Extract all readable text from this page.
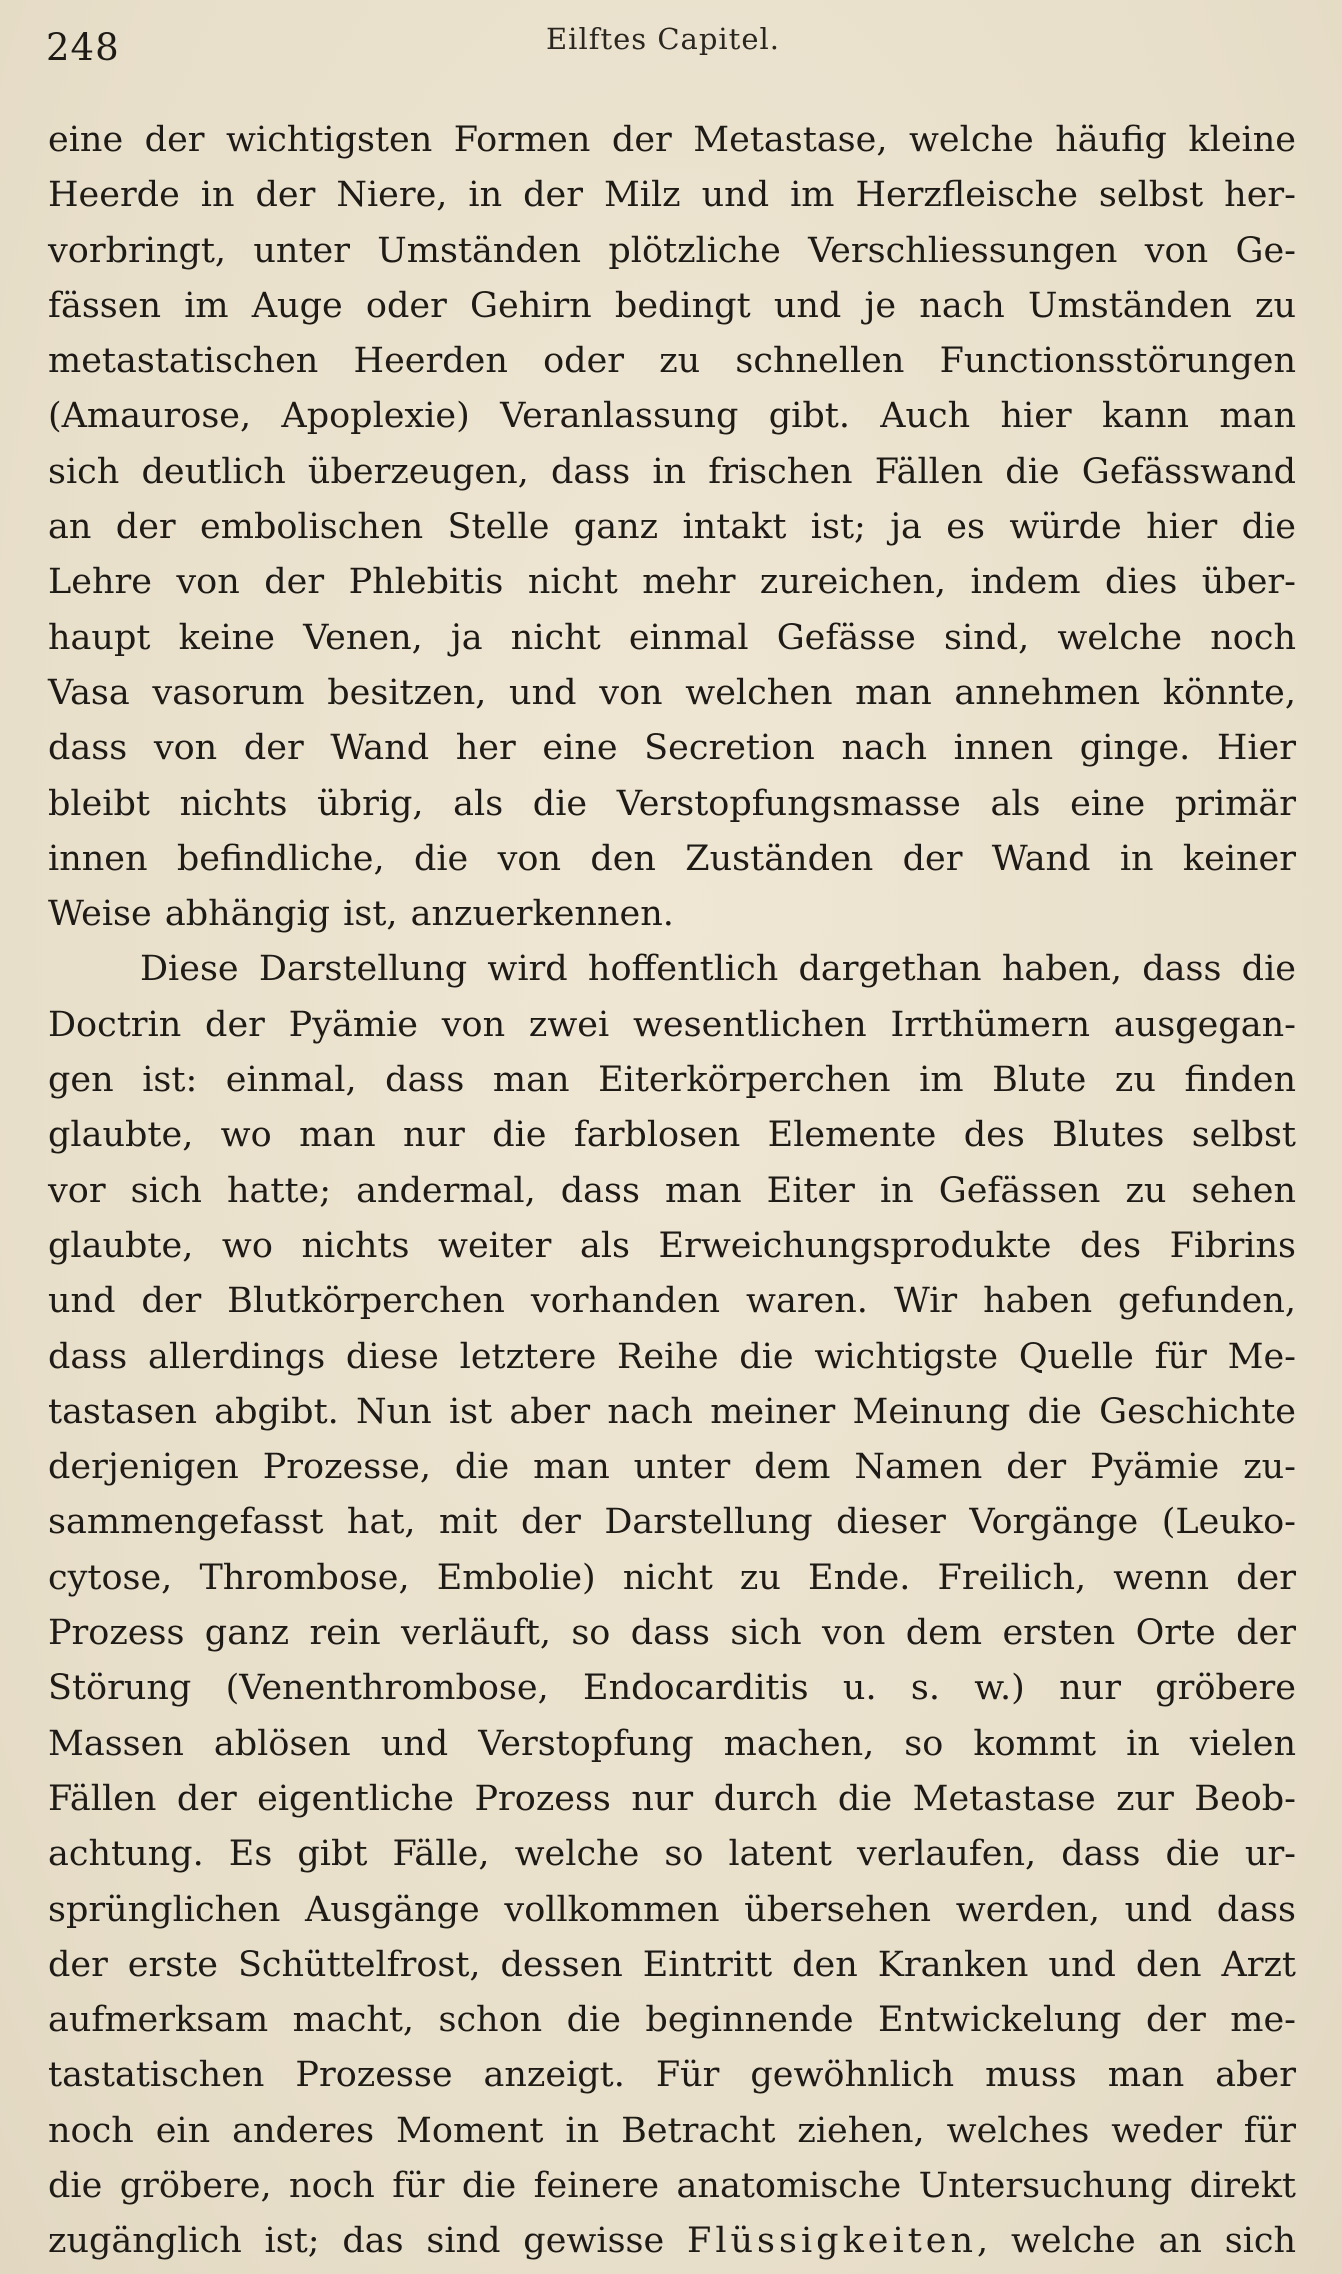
248	Eilftes Capitel.
eine der wichtigsten Formen der Metastase, welche häufig kleine
Heerde in der Niere, in der Milz und im Herzfleische selbst her-
vorbringt, unter Umständen plötzliche Verschliessungen von Ge-
fässen im Auge oder Gehirn bedingt und je nach Umständen zu
metastatischen Heerden oder zu schnellen Functionsstörungen
(Amaurose, Apoplexie) Veranlassung gibt. Auch hier kann man
sich deutlich überzeugen, dass in frischen Fällen die Gefässwand
an der embolischen Stelle ganz intakt ist; ja es würde hier die
Lehre von der Phlebitis nicht mehr zureichen, indem dies über-
haupt keine Venen, ja nicht einmal Gefässe sind, welche noch
Vasa vasorum besitzen, und von welchen man annehmen könnte,
dass von der Wand her eine Secretion nach innen ginge. Hier
bleibt nichts übrig, als die Verstopfungsmasse als eine primär
innen befindliche, die von den Zuständen der Wand in keiner
Weise abhängig ist, anzuerkennen.
Diese Darstellung wird hoffentlich dargethan haben, dass die
Doctrin der Pyämie von zwei wesentlichen Irrthümern ausgegan-
gen ist: einmal, dass man Eiterkörperchen im Blute zu finden
glaubte, wo man nur die farblosen Elemente des Blutes selbst
vor sich hatte; andermal, dass man Eiter in Gefässen zu sehen
glaubte, wo nichts weiter als Erweichungsprodukte des Fibrins
und der Blutkörperchen vorhanden waren. Wir haben gefunden,
dass allerdings diese letztere Reihe die wichtigste Quelle für Me-
tastasen abgibt. Nun ist aber nach meiner Meinung die Geschichte
derjenigen Prozesse, die man unter dem Namen der Pyämie zu-
sammengefasst hat, mit der Darstellung dieser Vorgänge (Leuko-
cytose, Thrombose, Embolie) nicht zu Ende. Freilich, wenn der
Prozess ganz rein verläuft, so dass sich von dem ersten Orte der
Störung (Venenthrombose, Endocarditis u. s. w.) nur gröbere
Massen ablösen und Verstopfung machen, so kommt in vielen
Fällen der eigentliche Prozess nur durch die Metastase zur Beob-
achtung. Es gibt Fälle, welche so latent verlaufen, dass die ur-
sprünglichen Ausgänge vollkommen übersehen werden, und dass
der erste Schüttelfrost, dessen Eintritt den Kranken und den Arzt
aufmerksam macht, schon die beginnende Entwickelung der me-
tastatischen Prozesse anzeigt. Für gewöhnlich muss man aber
noch ein anderes Moment in Betracht ziehen, welches weder für
die gröbere, noch für die feinere anatomische Untersuchung direkt
zugänglich ist; das sind gewisse Flüssigkeiten, welche an sich
